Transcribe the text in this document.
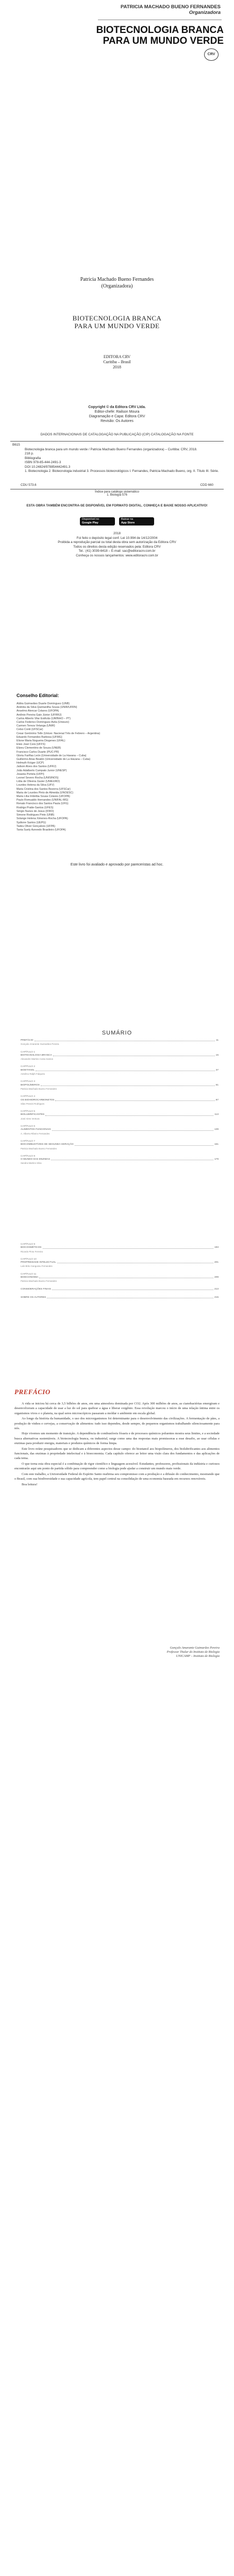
PATRICIA MACHADO BUENO FERNANDES
Organizadora
BIOTECNOLOGIA BRANCA
PARA UM MUNDO VERDE
CRV
Patricia Machado Bueno Fernandes
(Organizadora)
BIOTECNOLOGIA BRANCA
PARA UM MUNDO VERDE
EDITORA CRV
Curitiba – Brasil
2018
Copyright © da Editora CRV Ltda.
Editor-chefe: Railson Moura
Diagramação e Capa: Editora CRV
Revisão: Os Autores
DADOS INTERNACIONAIS DE CATALOGAÇÃO NA PUBLICAÇÃO (CIP) CATALOGAÇÃO NA FONTE
B615
Biotecnologia branca para um mundo verde / Patricia Machado Bueno Fernandes (organizadora) – Curitiba: CRV, 2018.
218 p.
Bibliografia
ISBN 978-85-444-2491-3
DOI 10.24824/978854442491.3
1. Biotecnologia 2. Biotecnologia industrial 3. Processos biotecnológicos I. Fernandes, Patricia Machado Bueno, org. II. Título III. Série.
CDU 573.6	CDD 660
Índice para catálogo sistemático
1. Biologia 576
ESTA OBRA TAMBÉM ENCONTRA-SE DISPONÍVEL EM FORMATO DIGITAL. CONHEÇA E BAIXE NOSSO APLICATIVO!
Disponível no
Google Play
Baixar na
App Store
2018
Foi feito o depósito legal conf. Lei 10.994 de 14/12/2004
Proibida a reprodução parcial ou total desta obra sem autorização da Editora CRV
Todos os direitos desta edição reservados pela: Editora CRV
Tel.: (41) 3039-6418 – E-mail: sac@editoracrv.com.br
Conheça os nossos lançamentos: www.editoracrv.com.br
Conselho Editorial:
Aldira Guimarães Duarte Domínguez (UNB)
Andréia da Silva Quintanilha Sousa (UNIR/UFRN)
Anselmo Alencar Colares (UFOPA)
Antônio Pereira Gaio Júnior (UFRRJ)
Carlos Alberto Vilar Estêvão (UMINHO – PT)
Carlos Federico Domínguez Avila (Unieuro)
Carmen Tereza Velanga (UNIR)
Celso Conti (UFSCar)
Cesar Gerónimo Tello (Univer. Nacional Três de Febrero – Argentina)
Eduardo Fernandes Barbosa (UFMG)
Elione Maria Nogueira Diogenes (UFAL)
Élsio José Corá (UFFS)
Elizeu Clementino de Souza (UNEB)
Francisco Carlos Duarte (PUC-PR)
Gloria Fariñas León (Universidade de La Havana – Cuba)
Guillermo Arias Beatón (Universidade de La Havana – Cuba)
Helmuth Krüger (UCP)
Jailson Alves dos Santos (UFRJ)
João Adalberto Campato Junior (UNESP)
Josania Portela (UFPI)
Leonel Severo Rocha (UNISINOS)
Lídia de Oliveira Xavier (UNIEURO)
Lourdes Helena da Silva (UFV)
Maria Cristina dos Santos Bezerra (UFSCar)
Maria de Lourdes Pinto de Almeida (UNOESC)
Maria Lília Imbiriba Sousa Colares (UFOPA)
Paulo Romualdo Hernandes (UNIFAL-MG)
Renato Francisco dos Santos Paula (UFG)
Rodrigo Pratte-Santos (UFES)
Sérgio Nunes de Jesus (IFRO)
Simone Rodrigues Pinto (UNB)
Solange Helena Ximenes-Rocha (UFOPA)
Sydione Santos (UEPG)
Tadeu Oliver Gonçalves (UFPA)
Tania Suely Azevedo Brasileiro (UFOPA)
Este livro foi avaliado e aprovado por pareceristas ad hoc.
SUMÁRIO
PREFÁCIO	11
Gonçalo Amarante Guimarães Pereira
CAPÍTULO 1
BIOTECNOLOGIA BRANCA	15
Alexandre Martins Costa Santos
CAPÍTULO 2
BIOETANOL	37
Antelmo Ralph Falqueto
CAPÍTULO 3
BIOPOLÍMEROS	61
Patricia Machado Bueno Fernandes
CAPÍTULO 4
OS BIOHIDROCARBONETOS	87
Silas Pessini Rodrigues
CAPÍTULO 5
BIOLUBRIFICANTES	113
José Aires Ventura
CAPÍTULO 6
ALIMENTOS FUNCIONAIS	139
A. Alberto Ribeiro Fernandes
CAPÍTULO 7
BIOCOMBUSTÍVEIS DE SEGUNDA GERAÇÃO	161
Patricia Machado Bueno Fernandes
CAPÍTULO 8
O MUNDO DAS ENZIMAS	179
Sandra Martins Silva
CAPÍTULO 9
BIOCOSMÉTICOS	193
Ricardo Pinto Ferreira
CAPÍTULO 10
PROPRIEDADE INTELECTUAL	201
Laís Brito Cangussu Fernandes
CAPÍTULO 11
BIOECONOMIA	209
Patricia Machado Bueno Fernandes
CONSIDERAÇÕES FINAIS	213
SOBRE OS AUTORES	215
PREFÁCIO

A vida se iniciou há cerca de 3,5 bilhões de anos, em uma atmosfera dominada por CO2. Após 300 milhões de anos, as cianobactérias emergiram e desenvolveram a capacidade de usar a luz do sol para quebrar a água e liberar oxigênio. Essa revolução marcou o início de uma relação íntima entre os organismos vivos e o planeta, na qual seres microscópicos passaram a moldar o ambiente em escala global.

Ao longo da história da humanidade, o uso dos microrganismos foi determinante para o desenvolvimento das civilizações. A fermentação de pães, a produção de vinhos e cervejas, a conservação de alimentos: tudo isso dependeu, desde sempre, de pequenos organismos trabalhando silenciosamente para nós.

Hoje vivemos um momento de transição. A dependência de combustíveis fósseis e de processos químicos poluentes mostra seus limites, e a sociedade busca alternativas sustentáveis. A biotecnologia branca, ou industrial, surge como uma das respostas mais promissoras a esse desafio, ao usar células e enzimas para produzir energia, materiais e produtos químicos de forma limpa.

Este livro reúne pesquisadores que se dedicam a diferentes aspectos desse campo: do bioetanol aos biopolímeros, dos biolubrificantes aos alimentos funcionais, das enzimas à propriedade intelectual e à bioeconomia. Cada capítulo oferece ao leitor uma visão clara dos fundamentos e das aplicações de cada tema.

O que torna esta obra especial é a combinação de rigor científico e linguagem acessível. Estudantes, professores, profissionais da indústria e curiosos encontrarão aqui um ponto de partida sólido para compreender como a biologia pode ajudar a construir um mundo mais verde.

Com este trabalho, a Universidade Federal do Espírito Santo reafirma seu compromisso com a produção e a difusão do conhecimento, mostrando que o Brasil, com sua biodiversidade e sua capacidade agrícola, tem papel central na consolidação de uma economia baseada em recursos renováveis.

Boa leitura!

Gonçalo Amarante Guimarães Pereira
Professor Titular do Instituto de Biologia
UNICAMP – Instituto de Biologia
